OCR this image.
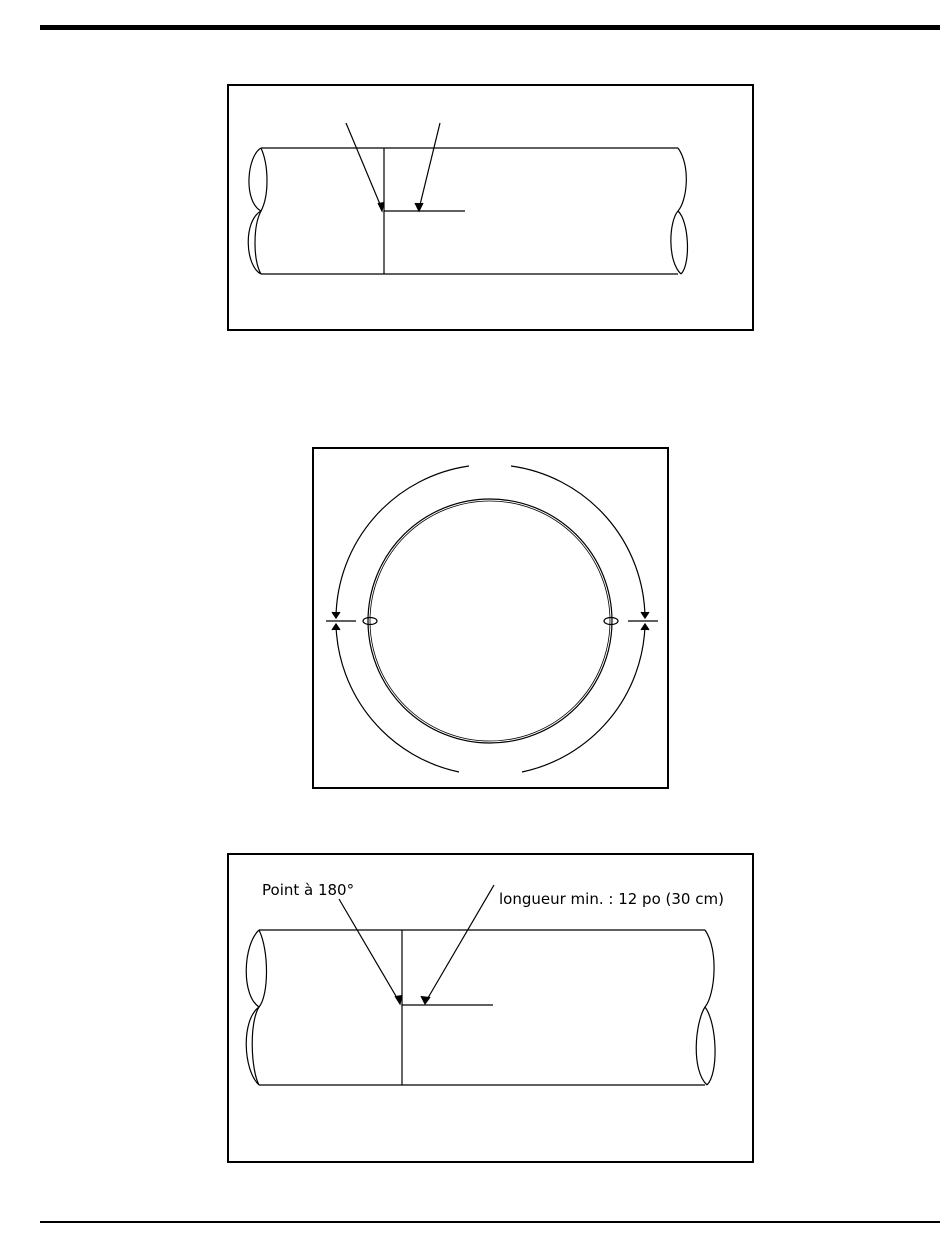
Point à 180°	longueur min. : 12 po (30 cm)
